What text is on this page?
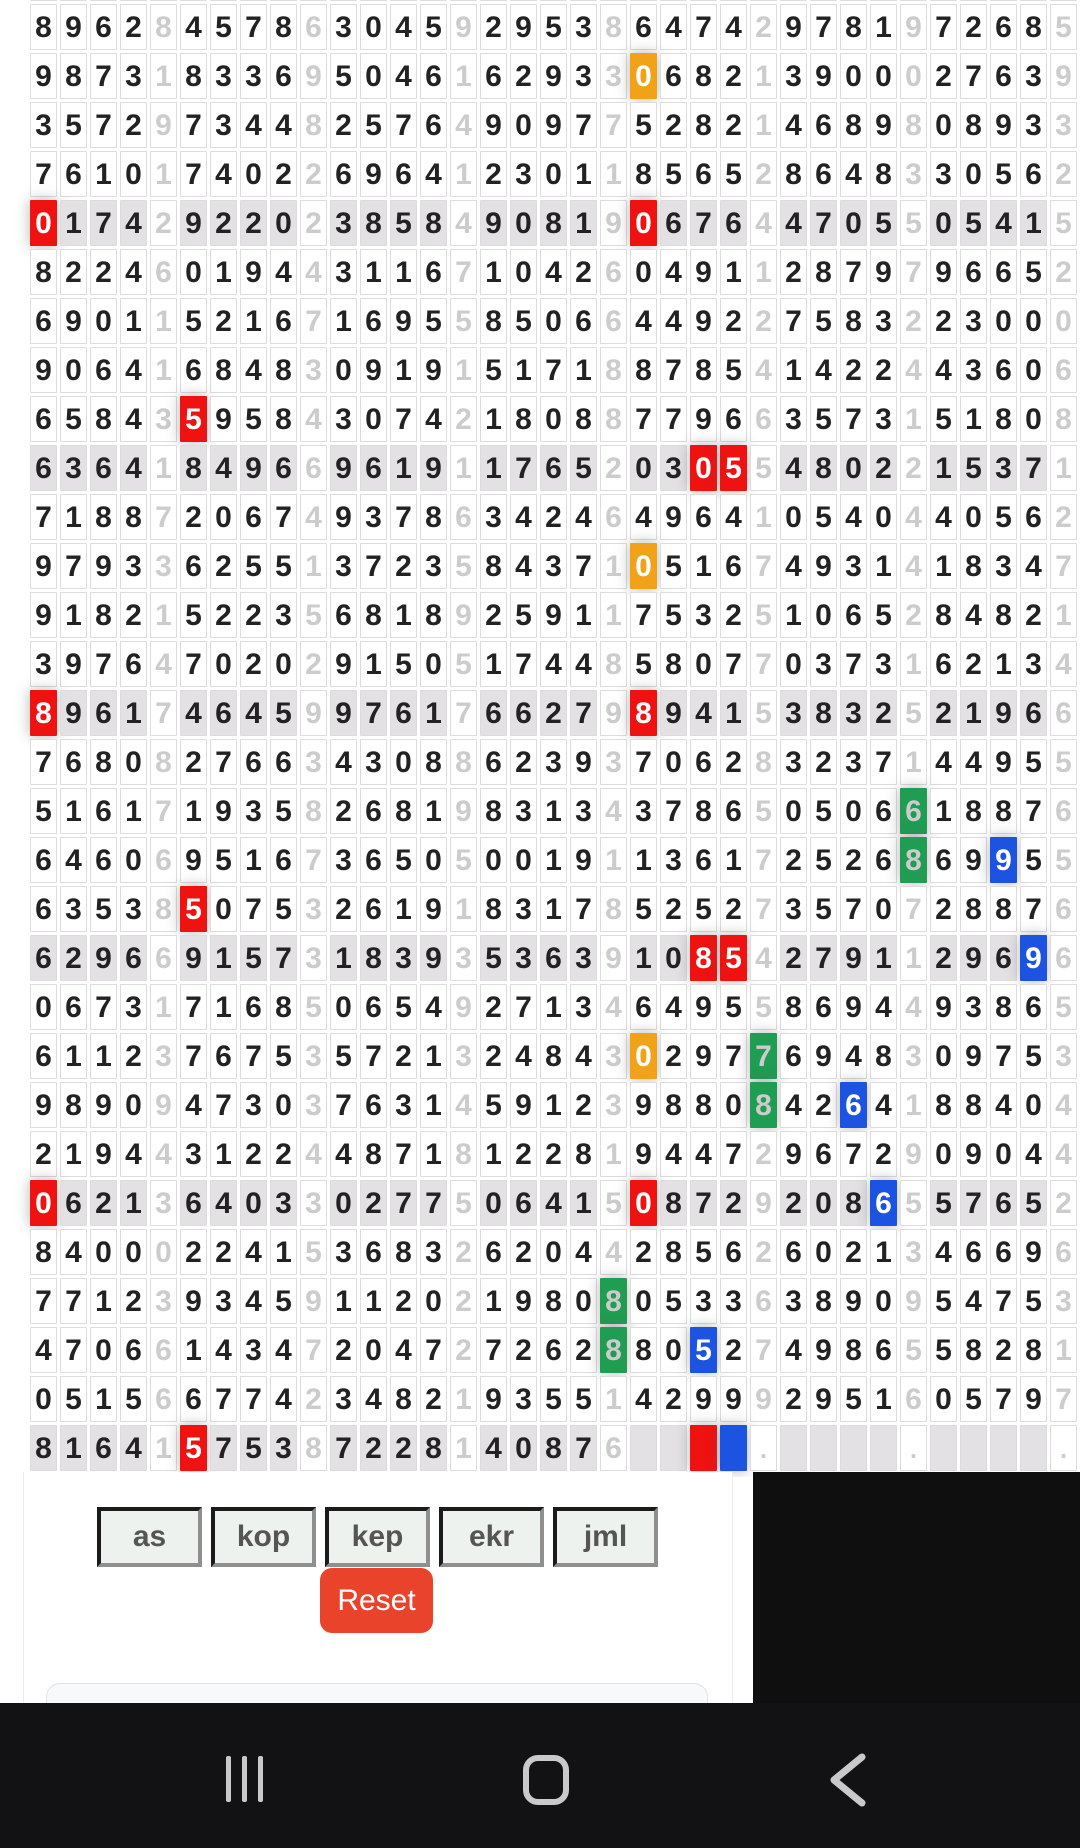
8 9 6 2 8 4 5 7 8 6 3 0 4 5 9 2 9 5 3 8 6 4 7 4 2 9 7 8 1 9 7 2 6 8 5
9 8 7 3 1 8 3 3 6 9 5 0 4 6 1 6 2 9 3 3 0 6 8 2 1 3 9 0 0 0 2 7 6 3 9
3 5 7 2 9 7 3 4 4 8 2 5 7 6 4 9 0 9 7 7 5 2 8 2 1 4 6 8 9 8 0 8 9 3 3
7 6 1 0 1 7 4 0 2 2 6 9 6 4 1 2 3 0 1 1 8 5 6 5 2 8 6 4 8 3 3 0 5 6 2
0 1 7 4 2 9 2 2 0 2 3 8 5 8 4 9 0 8 1 9 0 6 7 6 4 4 7 0 5 5 0 5 4 1 5
8 2 2 4 6 0 1 9 4 4 3 1 1 6 7 1 0 4 2 6 0 4 9 1 1 2 8 7 9 7 9 6 6 5 2
6 9 0 1 1 5 2 1 6 7 1 6 9 5 5 8 5 0 6 6 4 4 9 2 2 7 5 8 3 2 2 3 0 0 0
9 0 6 4 1 6 8 4 8 3 0 9 1 9 1 5 1 7 1 8 8 7 8 5 4 1 4 2 2 4 4 3 6 0 6
6 5 8 4 3 5 9 5 8 4 3 0 7 4 2 1 8 0 8 8 7 7 9 6 6 3 5 7 3 1 5 1 8 0 8
6 3 6 4 1 8 4 9 6 6 9 6 1 9 1 1 7 6 5 2 0 3 0 5 5 4 8 0 2 2 1 5 3 7 1
7 1 8 8 7 2 0 6 7 4 9 3 7 8 6 3 4 2 4 6 4 9 6 4 1 0 5 4 0 4 4 0 5 6 2
9 7 9 3 3 6 2 5 5 1 3 7 2 3 5 8 4 3 7 1 0 5 1 6 7 4 9 3 1 4 1 8 3 4 7
9 1 8 2 1 5 2 2 3 5 6 8 1 8 9 2 5 9 1 1 7 5 3 2 5 1 0 6 5 2 8 4 8 2 1
3 9 7 6 4 7 0 2 0 2 9 1 5 0 5 1 7 4 4 8 5 8 0 7 7 0 3 7 3 1 6 2 1 3 4
8 9 6 1 7 4 6 4 5 9 9 7 6 1 7 6 6 2 7 9 8 9 4 1 5 3 8 3 2 5 2 1 9 6 6
7 6 8 0 8 2 7 6 6 3 4 3 0 8 8 6 2 3 9 3 7 0 6 2 8 3 2 3 7 1 4 4 9 5 5
5 1 6 1 7 1 9 3 5 8 2 6 8 1 9 8 3 1 3 4 3 7 8 6 5 0 5 0 6 6 1 8 8 7 6
6 4 6 0 6 9 5 1 6 7 3 6 5 0 5 0 0 1 9 1 1 3 6 1 7 2 5 2 6 8 6 9 9 5 5
6 3 5 3 8 5 0 7 5 3 2 6 1 9 1 8 3 1 7 8 5 2 5 2 7 3 5 7 0 7 2 8 8 7 6
6 2 9 6 6 9 1 5 7 3 1 8 3 9 3 5 3 6 3 9 1 0 8 5 4 2 7 9 1 1 2 9 6 9 6
0 6 7 3 1 7 1 6 8 5 0 6 5 4 9 2 7 1 3 4 6 4 9 5 5 8 6 9 4 4 9 3 8 6 5
6 1 1 2 3 7 6 7 5 3 5 7 2 1 3 2 4 8 4 3 0 2 9 7 7 6 9 4 8 3 0 9 7 5 3
9 8 9 0 9 4 7 3 0 3 7 6 3 1 4 5 9 1 2 3 9 8 8 0 8 4 2 6 4 1 8 8 4 0 4
2 1 9 4 4 3 1 2 2 4 4 8 7 1 8 1 2 2 8 1 9 4 4 7 2 9 6 7 2 9 0 9 0 4 4
0 6 2 1 3 6 4 0 3 3 0 2 7 7 5 0 6 4 1 5 0 8 7 2 9 2 0 8 6 5 5 7 6 5 2
8 4 0 0 0 2 2 4 1 5 3 6 8 3 2 6 2 0 4 4 2 8 5 6 2 6 0 2 1 3 4 6 6 9 6
7 7 1 2 3 9 3 4 5 9 1 1 2 0 2 1 9 8 0 8 0 5 3 3 6 3 8 9 0 9 5 4 7 5 3
4 7 0 6 6 1 4 3 4 7 2 0 4 7 2 7 2 6 2 8 8 0 5 2 7 4 9 8 6 5 5 8 2 8 1
0 5 1 5 6 6 7 7 4 2 3 4 8 2 1 9 3 5 5 1 4 2 9 9 9 2 9 5 1 6 0 5 7 9 7
8 1 6 4 1 5 7 5 3 8 7 2 2 8 1 4 0 8 7 6	.	.	.
as	kop	kep	ekr	jml
Reset
